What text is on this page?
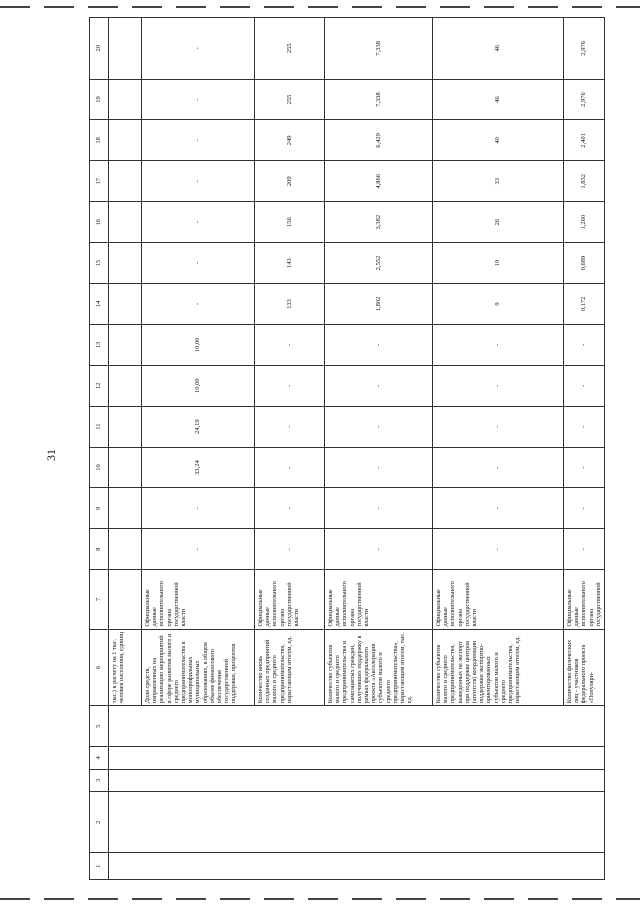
31
1	2	3	4	5	6	7	8	9	10	11	12	13	14	15	16	17	18	19	20
					тыс.) к расчету на 1 тыс. человек населения, единиц														
					Доля средств, направленных на реализацию мероприятий в сфере развития малого и среднего предпринимательства в монопрофильных муниципальных образованиях, в общем объеме финансового обеспечения государственной поддержки, процентов	Официальные данные исполнительного органа государственной власти	-	-	33,24	24,19	10,00	10,00	-	-	-	-	-	-	-
					Количество вновь созданных предприятий малого и среднего предпринимательства, нарастающим итогом, ед.	Официальные данные исполнительного органа государственной власти	-	-	-	-	-	-	133	143	156	209	249	255	255
					Количество субъектов малого и среднего предпринимательства и самозанятых граждан, получивших поддержку в рамках федерального проекта «Акселерация субъектов малого и среднего предпринимательства», нарастающим итогом, тыс. ед.	Официальные данные исполнительного органа государственной власти	-	-	-	-	-	-	1,802	2,552	3,382	4,866	6,429	7,338	7,338
					Количество субъектов малого и среднего предпринимательства, выведенных на экспорт при поддержке центров (агентств) координации поддержки экспортно-ориентированных субъектов малого и среднего предпринимательства, нарастающим итогом, ед.	Официальные данные исполнительного органа государственной власти	-	-	-	-	-	-	9	19	26	33	40	46	46
					Количество физических лиц - участников федерального проекта «Популяри-	Официальные данные исполнительного органа государственной	-	-	-	-	-	-	0,172	0,689	1,260	1,832	2,401	2,976	2,976
